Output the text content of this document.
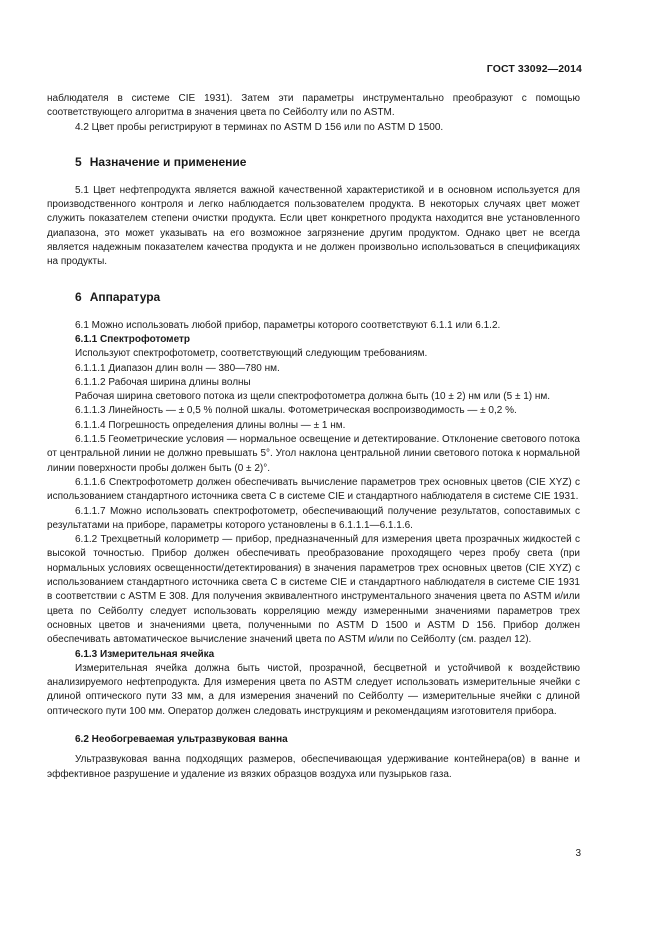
ГОСТ 33092—2014

наблюдателя в системе CIE 1931). Затем эти параметры инструментально преобразуют с помощью соответствующего алгоритма в значения цвета по Сейболту или по ASTM.

4.2 Цвет пробы регистрируют в терминах по ASTM D 156 или по ASTM D 1500.

5 Назначение и применение

5.1 Цвет нефтепродукта является важной качественной характеристикой и в основном используется для производственного контроля и легко наблюдается пользователем продукта. В некоторых случаях цвет может служить показателем степени очистки продукта. Если цвет конкретного продукта находится вне установленного диапазона, это может указывать на его возможное загрязнение другим продуктом. Однако цвет не всегда является надежным показателем качества продукта и не должен произвольно использоваться в спецификациях на продукты.

6 Аппаратура

6.1 Можно использовать любой прибор, параметры которого соответствуют 6.1.1 или 6.1.2.

6.1.1 Спектрофотометр

Используют спектрофотометр, соответствующий следующим требованиям.

6.1.1.1 Диапазон длин волн — 380—780 нм.

6.1.1.2 Рабочая ширина длины волны

Рабочая ширина светового потока из щели спектрофотометра должна быть (10 ± 2) нм или (5 ± 1) нм.

6.1.1.3 Линейность — ± 0,5 % полной шкалы. Фотометрическая воспроизводимость — ± 0,2 %.

6.1.1.4 Погрешность определения длины волны — ± 1 нм.

6.1.1.5 Геометрические условия — нормальное освещение и детектирование. Отклонение светового потока от центральной линии не должно превышать 5°. Угол наклона центральной линии светового потока к нормальной линии поверхности пробы должен быть (0 ± 2)°.

6.1.1.6 Спектрофотометр должен обеспечивать вычисление параметров трех основных цветов (CIE XYZ) с использованием стандартного источника света C в системе CIE и стандартного наблюдателя в системе CIE 1931.

6.1.1.7 Можно использовать спектрофотометр, обеспечивающий получение результатов, сопоставимых с результатами на приборе, параметры которого установлены в 6.1.1.1—6.1.1.6.

6.1.2 Трехцветный колориметр — прибор, предназначенный для измерения цвета прозрачных жидкостей с высокой точностью. Прибор должен обеспечивать преобразование проходящего через пробу света (при нормальных условиях освещенности/детектирования) в значения параметров трех основных цветов (CIE XYZ) с использованием стандартного источника света C в системе CIE и стандартного наблюдателя в системе CIE 1931 в соответствии с ASTM E 308. Для получения эквивалентного инструментального значения цвета по ASTM и/или цвета по Сейболту следует использовать корреляцию между измеренными значениями параметров трех основных цветов и значениями цвета, полученными по ASTM D 1500 и ASTM D 156. Прибор должен обеспечивать автоматическое вычисление значений цвета по ASTM и/или по Сейболту (см. раздел 12).

6.1.3 Измерительная ячейка

Измерительная ячейка должна быть чистой, прозрачной, бесцветной и устойчивой к воздействию анализируемого нефтепродукта. Для измерения цвета по ASTM следует использовать измерительные ячейки с длиной оптического пути 33 мм, а для измерения значений по Сейболту — измерительные ячейки с длиной оптического пути 100 мм. Оператор должен следовать инструкциям и рекомендациям изготовителя прибора.

6.2 Необогреваемая ультразвуковая ванна

Ультразвуковая ванна подходящих размеров, обеспечивающая удерживание контейнера(ов) в ванне и эффективное разрушение и удаление из вязких образцов воздуха или пузырьков газа.

3
